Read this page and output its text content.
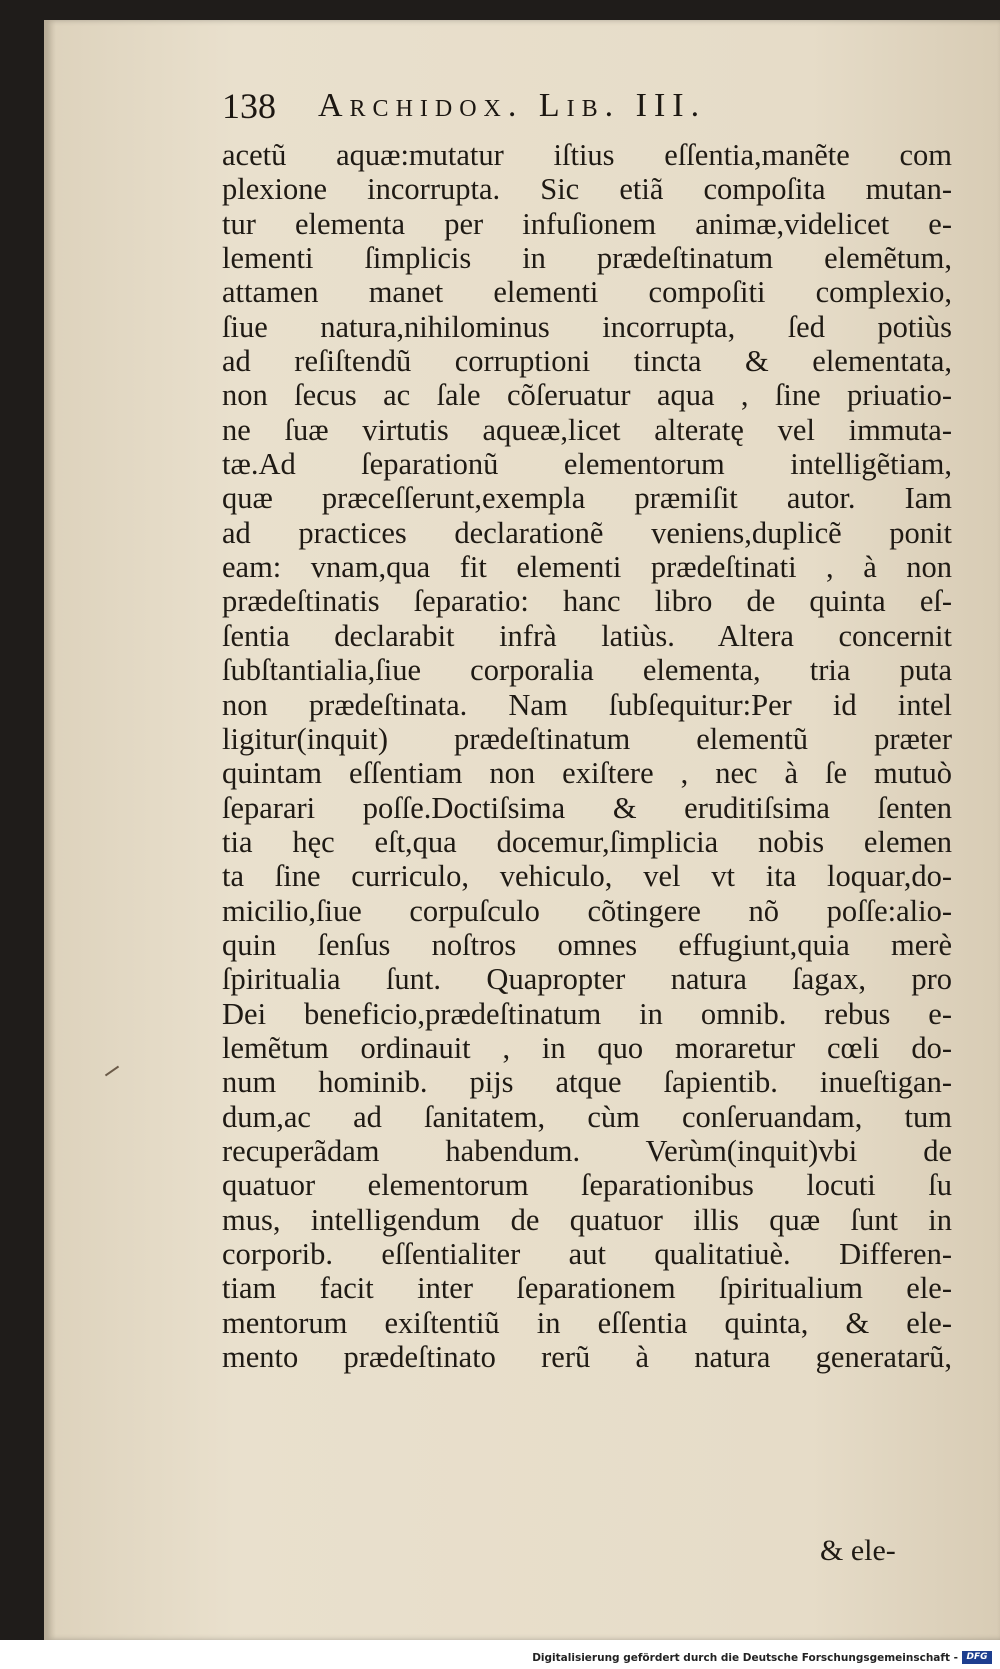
138 Archidox. Lib. III.
acetũ aquæ:mutatur iſtius eſſentia,manẽte com
plexione incorrupta. Sic etiã compoſita mutan-
tur elementa per infuſionem animæ,videlicet e-
lementi ſimplicis in prædeſtinatum elemẽtum,
attamen manet elementi compoſiti complexio,
ſiue natura,nihilominus incorrupta, ſed potiùs
ad reſiſtendũ corruptioni tincta & elementata,
non ſecus ac ſale cõſeruatur aqua , ſine priuatio-
ne ſuæ virtutis aqueæ,licet alteratę vel immuta-
tæ.Ad ſeparationũ elementorum intelligẽtiam,
quæ præceſſerunt,exempla præmiſit autor. Iam
ad practices declarationẽ veniens,duplicẽ ponit
eam: vnam,qua fit elementi prædeſtinati , à non
prædeſtinatis ſeparatio: hanc libro de quinta eſ-
ſentia declarabit infrà latiùs. Altera concernit
ſubſtantialia,ſiue corporalia elementa, tria puta
non prædeſtinata. Nam ſubſequitur:Per id intel
ligitur(inquit) prædeſtinatum elementũ præter
quintam eſſentiam non exiſtere , nec à ſe mutuò
ſeparari poſſe.Doctiſsima & eruditiſsima ſenten
tia hęc eſt,qua docemur,ſimplicia nobis elemen
ta ſine curriculo, vehiculo, vel vt ita loquar,do-
micilio,ſiue corpuſculo cõtingere nõ poſſe:alio-
quin ſenſus noſtros omnes effugiunt,quia merè
ſpiritualia ſunt. Quapropter natura ſagax, pro
Dei beneficio,prædeſtinatum in omnib. rebus e-
lemẽtum ordinauit , in quo moraretur cœli do-
num hominib. pijs atque ſapientib. inueſtigan-
dum,ac ad ſanitatem, cùm conſeruandam, tum
recuperãdam habendum. Verùm(inquit)vbi de
quatuor elementorum ſeparationibus locuti ſu
mus, intelligendum de quatuor illis quæ ſunt in
corporib. eſſentialiter aut qualitatiuè. Differen-
tiam facit inter ſeparationem ſpiritualium ele-
mentorum exiſtentiũ in eſſentia quinta, & ele-
mento prædeſtinato rerũ à natura generatarũ,
& ele-
Digitalisierung gefördert durch die Deutsche Forschungsgemeinschaft - DFG
